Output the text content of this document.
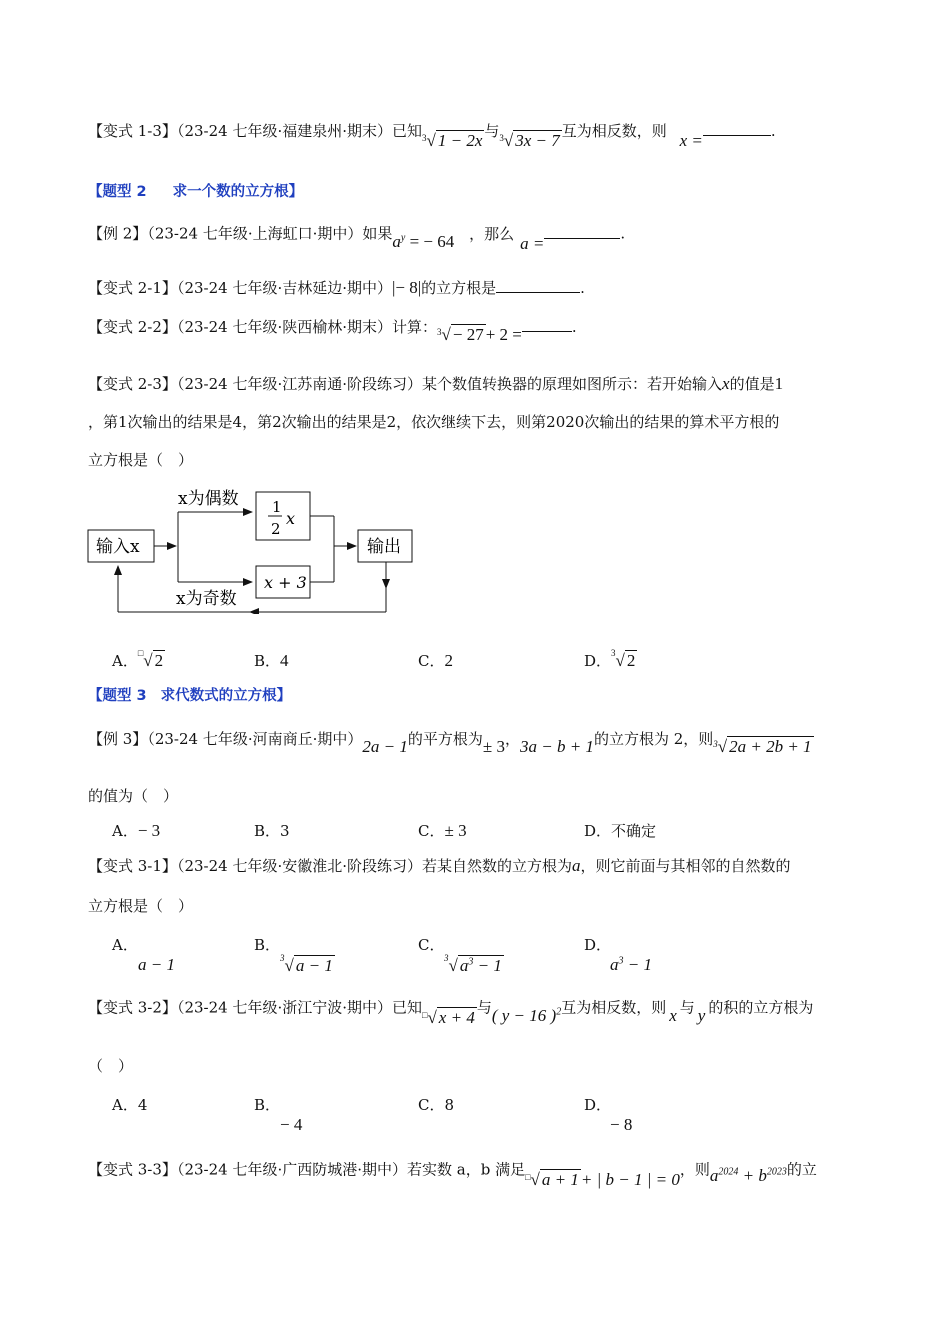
【变式 1-3】（23-24 七年级·福建泉州·期末）已知$^3$√ 1 − 2x 与$^3$√ 3x − 7 互为相反数，则 x =	.
【题型 2 求一个数的立方根】
【例 2】（23-24 七年级·上海虹口·期中）如果$a^y$ = − 64 ，那么 a =	.
【变式 2-1】（23-24 七年级·吉林延边·期中）|− 8|的立方根是	.
【变式 2-2】（23-24 七年级·陕西榆林·期末）计算：$^3$√ − 27 + 2 =	.
【变式 2-3】（23-24 七年级·江苏南通·阶段练习）某个数值转换器的原理如图所示：若开始输入x的值是1
，第1次输出的结果是4，第2次输出的结果是2，依次继续下去，则第2020次输出的结果的算术平方根的
立方根是（　）
输入x
x为偶数
x为奇数
1
2
x
x + 3
输出
A．□√ 2	B．4	C．2	D．$^3$√ 2
【题型 3 求代数式的立方根】
【例 3】（23-24 七年级·河南商丘·期中）2a − 1的平方根为± 3，3a − b + 1的立方根为 2，则$^3$√ 2a + 2b + 1
的值为（　）
A．− 3	B．3	C．± 3	D．不确定
【变式 3-1】（23-24 七年级·安徽淮北·阶段练习）若某自然数的立方根为a，则它前面与其相邻的自然数的
立方根是（　）
A．
a − 1
B．
$^3$√ a − 1
C．
$^3$√ $a^3 - 1$
D．
$a^3 - 1$
【变式 3-2】（23-24 七年级·浙江宁波·期中）已知□√ x + 4 与( y − 16 )$^2$互为相反数，则 x 与 y 的积的立方根为
（　）
A．4	B．
− 4
C．8	D．
− 8
【变式 3-3】（23-24 七年级·广西防城港·期中）若实数 a，b 满足□√ a + 1 + | b − 1 | = 0，则$a^{2024} + b^{2023}$的立
